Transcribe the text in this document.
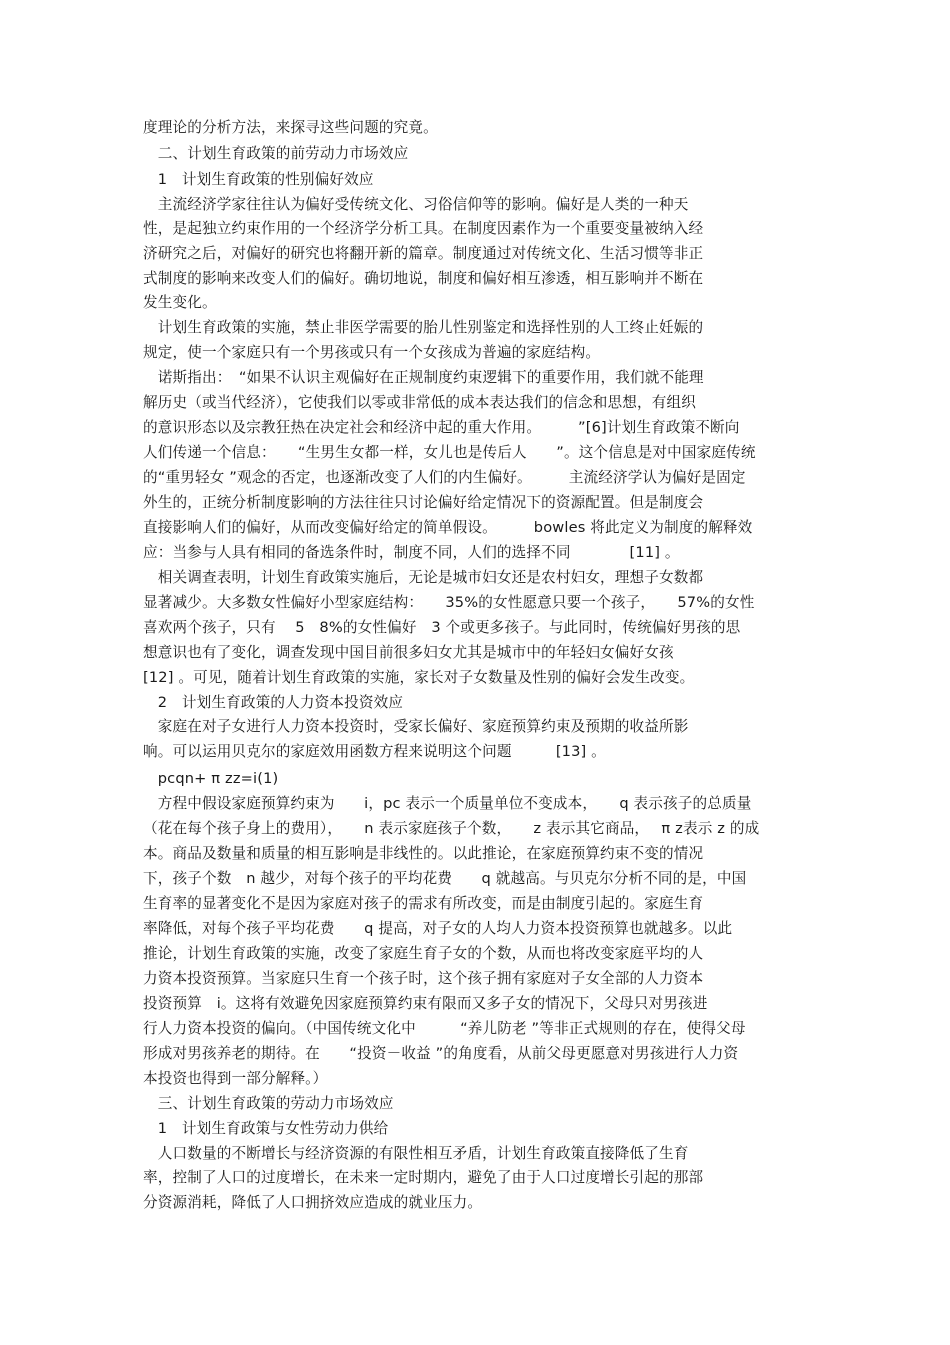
度理论的分析方法，来探寻这些问题的究竟。
　二、计划生育政策的前劳动力市场效应
　1　计划生育政策的性别偏好效应
　主流经济学家往往认为偏好受传统文化、习俗信仰等的影响。偏好是人类的一种天
性，是起独立约束作用的一个经济学分析工具。在制度因素作为一个重要变量被纳入经
济研究之后，对偏好的研究也将翻开新的篇章。制度通过对传统文化、生活习惯等非正
式制度的影响来改变人们的偏好。确切地说，制度和偏好相互渗透，相互影响并不断在
发生变化。
　计划生育政策的实施，禁止非医学需要的胎儿性别鉴定和选择性别的人工终止妊娠的
规定，使一个家庭只有一个男孩或只有一个女孩成为普遍的家庭结构。
　诺斯指出：　“如果不认识主观偏好在正规制度约束逻辑下的重要作用，我们就不能理
解历史（或当代经济），它使我们以零或非常低的成本表达我们的信念和思想，有组织
的意识形态以及宗教狂热在决定社会和经济中起的重大作用。　　　”[6]计划生育政策不断向
人们传递一个信息：　　“生男生女都一样，女儿也是传后人　　”。这个信息是对中国家庭传统
的“重男轻女 ”观念的否定，也逐渐改变了人们的内生偏好。　　　主流经济学认为偏好是固定
外生的，正统分析制度影响的方法往往只讨论偏好给定情况下的资源配置。但是制度会
直接影响人们的偏好，从而改变偏好给定的简单假设。　　　bowles 将此定义为制度的解释效
应：当参与人具有相同的备选条件时，制度不同，人们的选择不同　　　　[11] 。
　相关调查表明，计划生育政策实施后，无论是城市妇女还是农村妇女，理想子女数都
显著减少。大多数女性偏好小型家庭结构：　　35%的女性愿意只要一个孩子，　　57%的女性
喜欢两个孩子，只有　 5　8%的女性偏好　3 个或更多孩子。与此同时，传统偏好男孩的思
想意识也有了变化，调查发现中国目前很多妇女尤其是城市中的年轻妇女偏好女孩
[12] 。可见，随着计划生育政策的实施，家长对子女数量及性别的偏好会发生改变。
　2　计划生育政策的人力资本投资效应
　家庭在对子女进行人力资本投资时，受家长偏好、家庭预算约束及预期的收益所影
响。可以运用贝克尔的家庭效用函数方程来说明这个问题　　　[13] 。
　pcqn+ π zz=i(1)
　方程中假设家庭预算约束为　　i，pc 表示一个质量单位不变成本，　　q 表示孩子的总质量
（花在每个孩子身上的费用），　　n 表示家庭孩子个数，　　z 表示其它商品，　 π z表示 z 的成
本。商品及数量和质量的相互影响是非线性的。以此推论，在家庭预算约束不变的情况
下，孩子个数　n 越少，对每个孩子的平均花费　　q 就越高。与贝克尔分析不同的是，中国
生育率的显著变化不是因为家庭对孩子的需求有所改变，而是由制度引起的。家庭生育
率降低，对每个孩子平均花费　　q 提高，对子女的人均人力资本投资预算也就越多。以此
推论，计划生育政策的实施，改变了家庭生育子女的个数，从而也将改变家庭平均的人
力资本投资预算。当家庭只生育一个孩子时，这个孩子拥有家庭对子女全部的人力资本
投资预算　i。这将有效避免因家庭预算约束有限而又多子女的情况下，父母只对男孩进
行人力资本投资的偏向。（中国传统文化中　　　“养儿防老 ”等非正式规则的存在，使得父母
形成对男孩养老的期待。在　　“投资－收益 ”的角度看，从前父母更愿意对男孩进行人力资
本投资也得到一部分解释。）
　三、计划生育政策的劳动力市场效应
　1　计划生育政策与女性劳动力供给
　人口数量的不断增长与经济资源的有限性相互矛盾，计划生育政策直接降低了生育
率，控制了人口的过度增长，在未来一定时期内，避免了由于人口过度增长引起的那部
分资源消耗，降低了人口拥挤效应造成的就业压力。
